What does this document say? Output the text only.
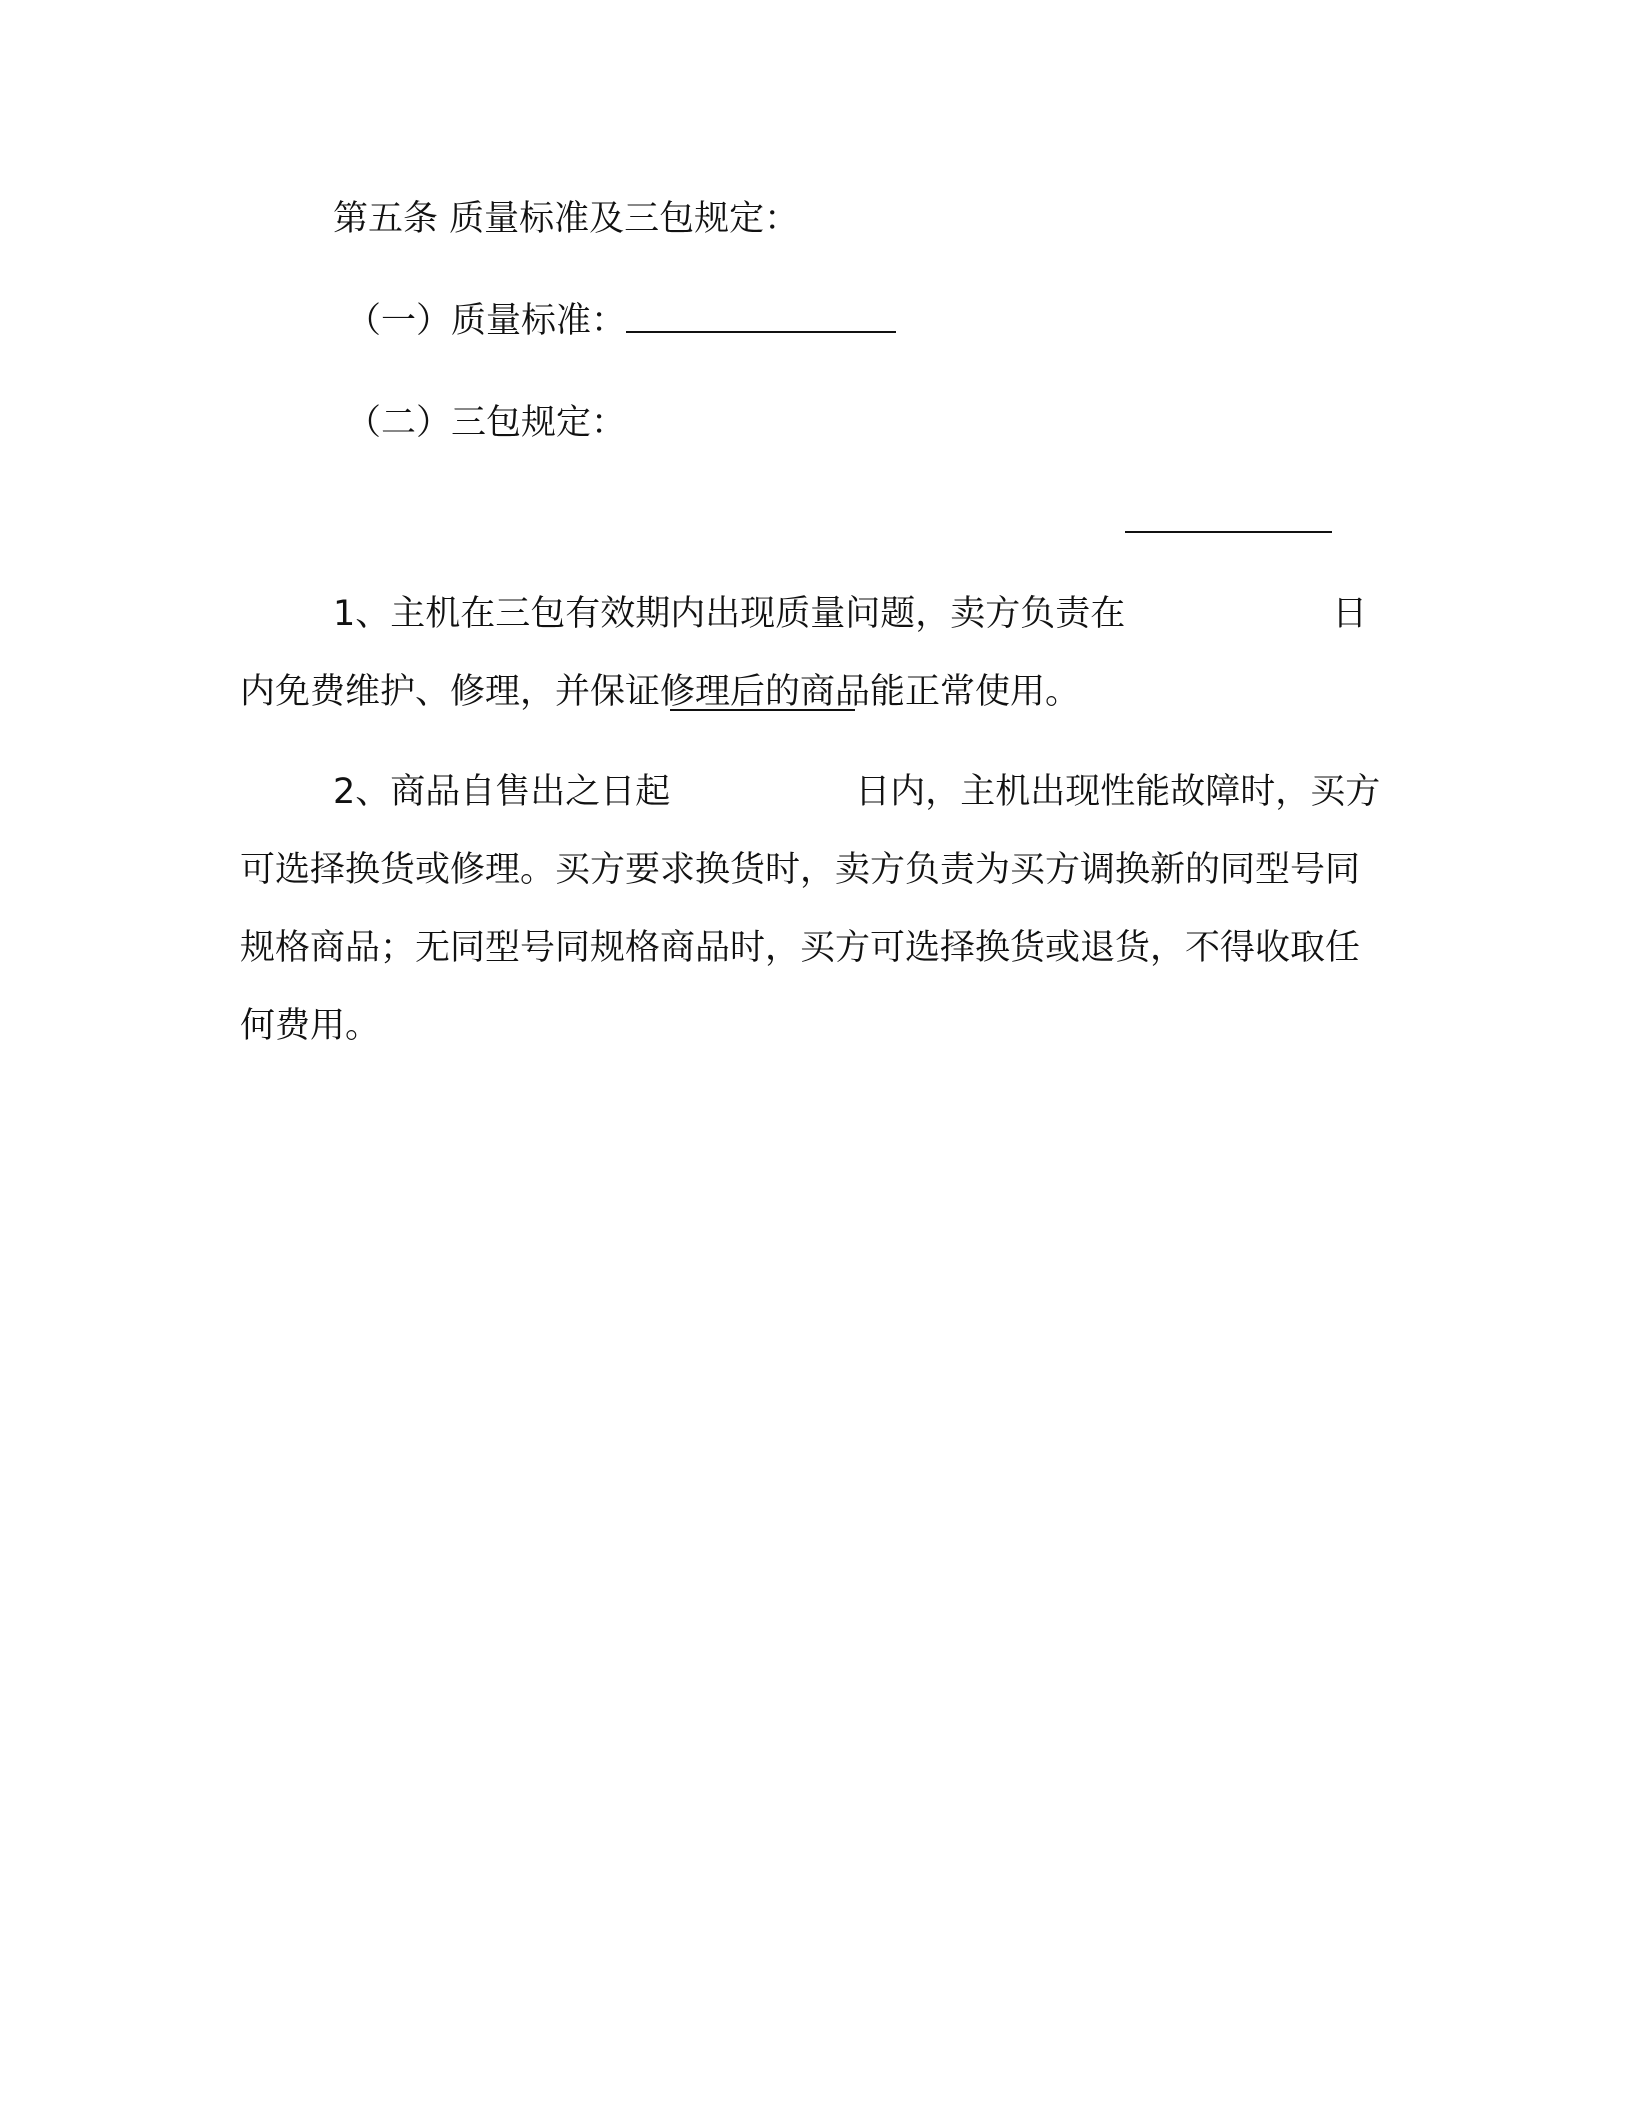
第五条 质量标准及三包规定：
（一）质量标准：
（二）三包规定：
1、主机在三包有效期内出现质量问题，卖方负责在	日内免费维护、修理，并保证修理后的商品能正常使用。
2、商品自售出之日起	日内，主机出现性能故障时，买方可选择换货或修理。买方要求换货时，卖方负责为买方调换新的同型号同规格商品；无同型号同规格商品时，买方可选择换货或退货，不得收取任何费用。
